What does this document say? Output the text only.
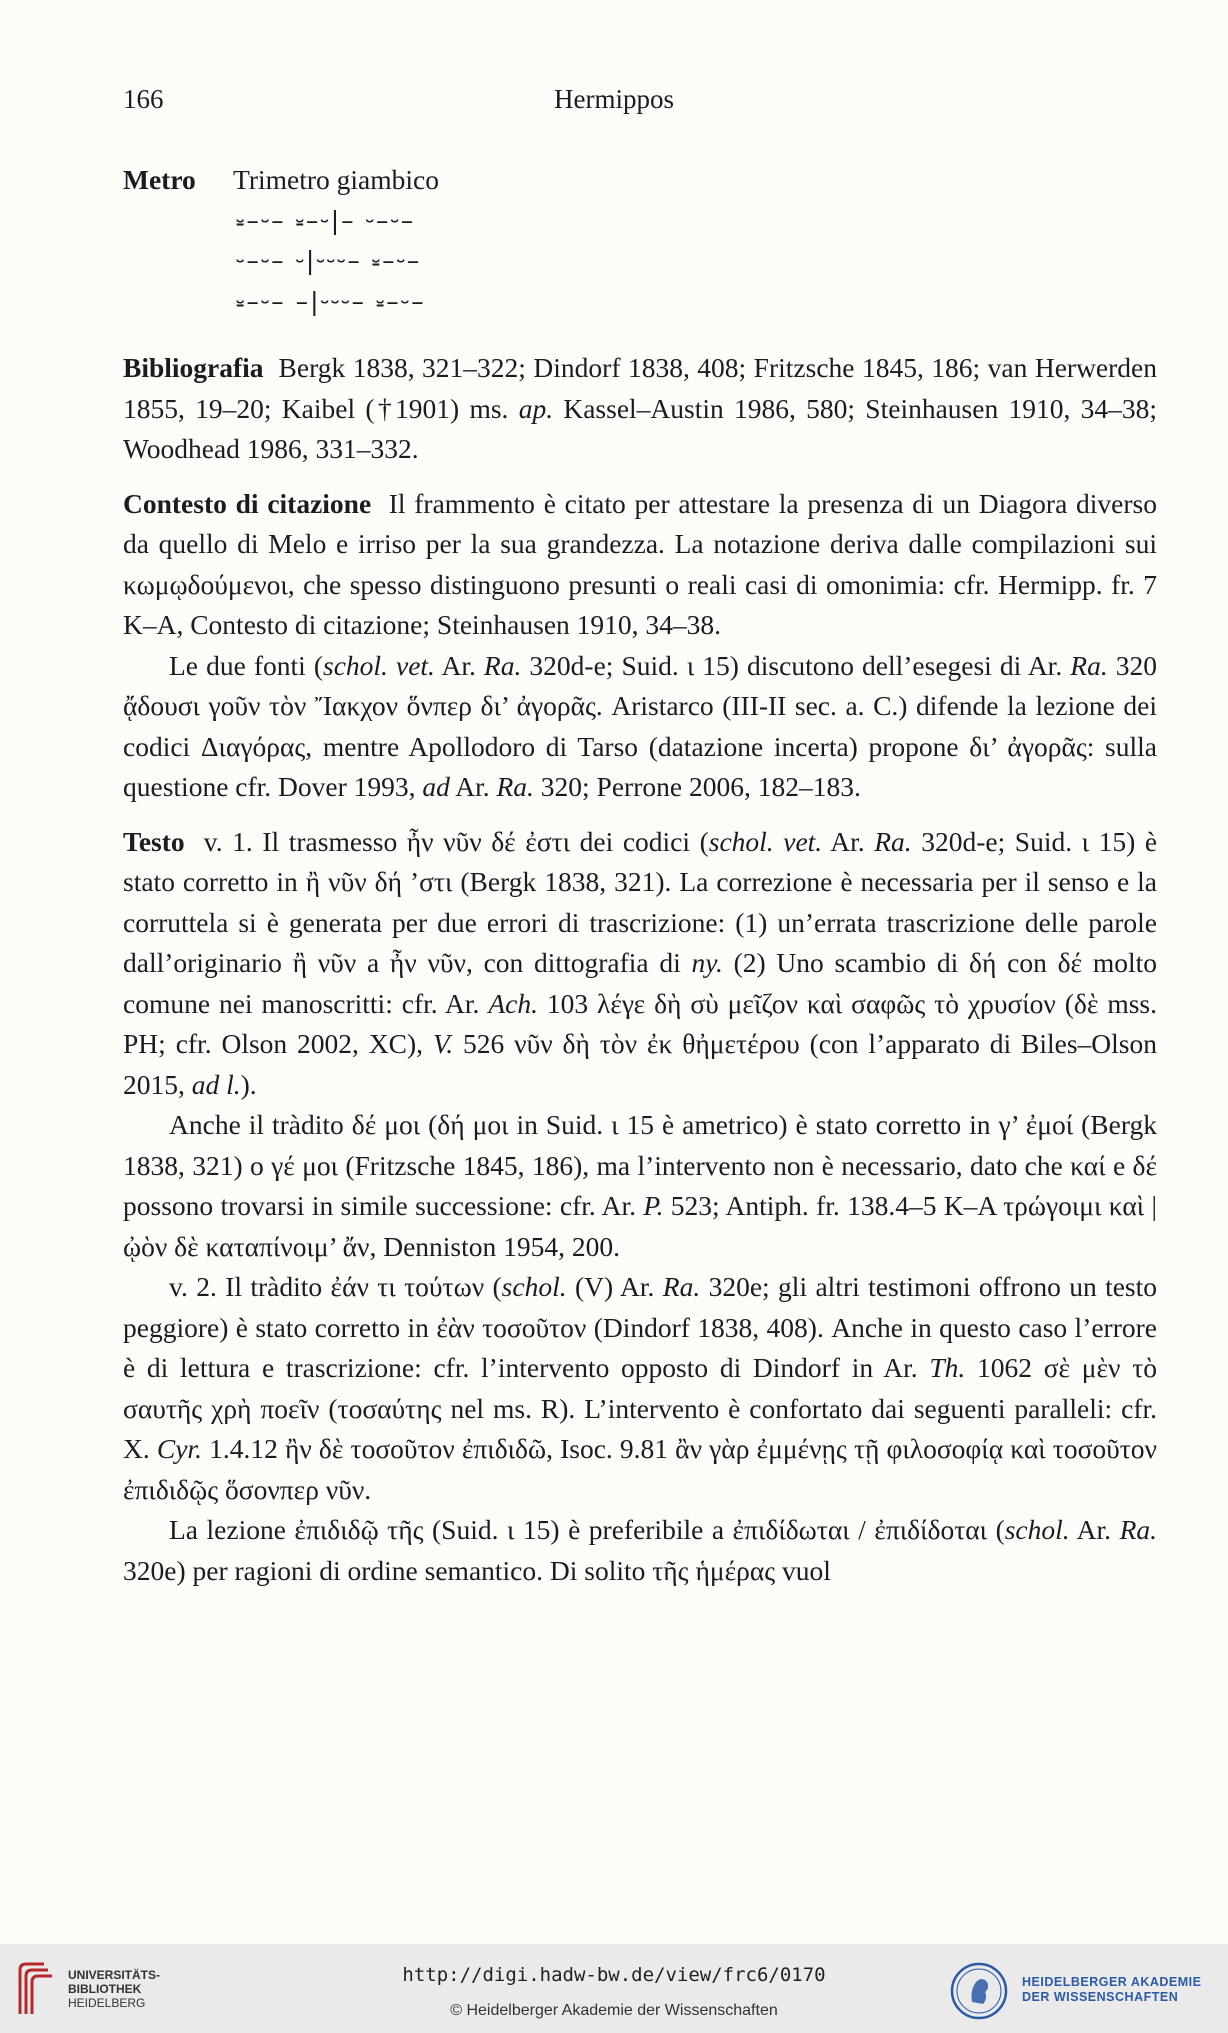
166	Hermippos
Metro	Trimetro giambico
⏓–⏑– ⏓–⏑|– ⏑–⏑–
⏑–⏑– ⏑|⏑⏑⏑– ⏓–⏑–
⏓–⏑– –|⏑⏑⏑– ⏓–⏑–

Bibliografia Bergk 1838, 321–322; Dindorf 1838, 408; Fritzsche 1845, 186; van Herwerden 1855, 19–20; Kaibel (†1901) ms. ap. Kassel–Austin 1986, 580; Steinhausen 1910, 34–38; Woodhead 1986, 331–332.

Contesto di citazione Il frammento è citato per attestare la presenza di un Diagora diverso da quello di Melo e irriso per la sua grandezza. La notazione deriva dalle compilazioni sui κωμῳδούμενοι, che spesso distinguono presunti o reali casi di omonimia: cfr. Hermipp. fr. 7 K–A, Contesto di citazione; Steinhausen 1910, 34–38.

Le due fonti (schol. vet. Ar. Ra. 320d-e; Suid. ι 15) discutono dell’esegesi di Ar. Ra. 320 ᾄδουσι γοῦν τὸν Ἴακχον ὅνπερ δι’ ἀγορᾶς. Aristarco (III-II sec. a. C.) difende la lezione dei codici Διαγόρας, mentre Apollodoro di Tarso (datazione incerta) propone δι’ ἀγορᾶς: sulla questione cfr. Dover 1993, ad Ar. Ra. 320; Perrone 2006, 182–183.

Testo v. 1. Il trasmesso ἦν νῦν δέ ἐστι dei codici (schol. vet. Ar. Ra. 320d-e; Suid. ι 15) è stato corretto in ἢ νῦν δή ’στι (Bergk 1838, 321). La correzione è necessaria per il senso e la corruttela si è generata per due errori di trascrizione: (1) un’errata trascrizione delle parole dall’originario ἢ νῦν a ἦν νῦν, con dittografia di ny. (2) Uno scambio di δή con δέ molto comune nei manoscritti: cfr. Ar. Ach. 103 λέγε δὴ σὺ μεῖζον καὶ σαφῶς τὸ χρυσίον (δὲ mss. PH; cfr. Olson 2002, XC), V. 526 νῦν δὴ τὸν ἐκ θἠμετέρου (con l’apparato di Biles–Olson 2015, ad l.).

Anche il tràdito δέ μοι (δή μοι in Suid. ι 15 è ametrico) è stato corretto in γ’ ἐμοί (Bergk 1838, 321) o γέ μοι (Fritzsche 1845, 186), ma l’intervento non è necessario, dato che καί e δέ possono trovarsi in simile successione: cfr. Ar. P. 523; Antiph. fr. 138.4–5 K–A τρώγοιμι καὶ | ᾠὸν δὲ καταπίνοιμ’ ἄν, Denniston 1954, 200.

v. 2. Il tràdito ἐάν τι τούτων (schol. (V) Ar. Ra. 320e; gli altri testimoni offrono un testo peggiore) è stato corretto in ἐὰν τοσοῦτον (Dindorf 1838, 408). Anche in questo caso l’errore è di lettura e trascrizione: cfr. l’intervento opposto di Dindorf in Ar. Th. 1062 σὲ μὲν τὸ σαυτῆς χρὴ ποεῖν (τοσαύτης nel ms. R). L’intervento è confortato dai seguenti paralleli: cfr. X. Cyr. 1.4.12 ἢν δὲ τοσοῦτον ἐπιδιδῶ, Isoc. 9.81 ἂν γὰρ ἐμμένῃς τῇ φιλοσοφίᾳ καὶ τοσοῦτον ἐπιδιδῷς ὅσονπερ νῦν.

La lezione ἐπιδιδῷ τῆς (Suid. ι 15) è preferibile a ἐπιδίδωται / ἐπιδίδοται (schol. Ar. Ra. 320e) per ragioni di ordine semantico. Di solito τῆς ἡμέρας vuol

UNIVERSITÄTS-
BIBLIOTHEK
HEIDELBERG
http://digi.hadw-bw.de/view/frc6/0170
© Heidelberger Akademie der Wissenschaften
HEIDELBERGER AKADEMIE
DER WISSENSCHAFTEN
